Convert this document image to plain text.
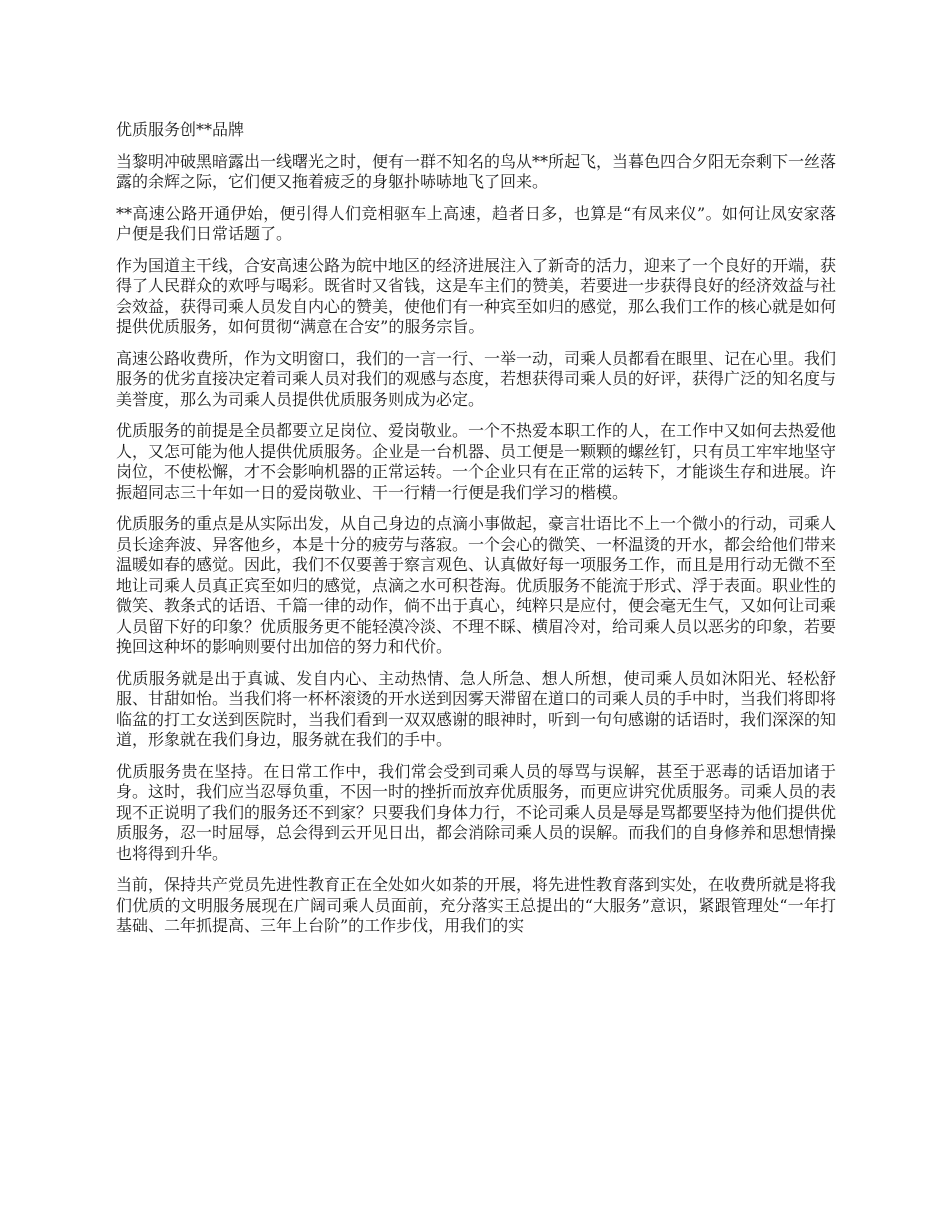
优质服务创**品牌

当黎明冲破黑暗露出一线曙光之时，便有一群不知名的鸟从**所起飞，当暮色四合夕阳无奈剩下一丝落露的余辉之际，它们便又拖着疲乏的身躯扑哧哧地飞了回来。

**高速公路开通伊始，便引得人们竞相驱车上高速，趋者日多，也算是“有凤来仪”。如何让凤安家落户便是我们日常话题了。

作为国道主干线，合安高速公路为皖中地区的经济进展注入了新奇的活力，迎来了一个良好的开端，获得了人民群众的欢呼与喝彩。既省时又省钱，这是车主们的赞美，若要进一步获得良好的经济效益与社会效益，获得司乘人员发自内心的赞美，使他们有一种宾至如归的感觉，那么我们工作的核心就是如何提供优质服务，如何贯彻“满意在合安”的服务宗旨。

高速公路收费所，作为文明窗口，我们的一言一行、一举一动，司乘人员都看在眼里、记在心里。我们服务的优劣直接决定着司乘人员对我们的观感与态度，若想获得司乘人员的好评，获得广泛的知名度与美誉度，那么为司乘人员提供优质服务则成为必定。

优质服务的前提是全员都要立足岗位、爱岗敬业。一个不热爱本职工作的人，在工作中又如何去热爱他人，又怎可能为他人提供优质服务。企业是一台机器、员工便是一颗颗的螺丝钉，只有员工牢牢地坚守岗位，不使松懈，才不会影响机器的正常运转。一个企业只有在正常的运转下，才能谈生存和进展。许振超同志三十年如一日的爱岗敬业、干一行精一行便是我们学习的楷模。

优质服务的重点是从实际出发，从自己身边的点滴小事做起，豪言壮语比不上一个微小的行动，司乘人员长途奔波、异客他乡，本是十分的疲劳与落寂。一个会心的微笑、一杯温烫的开水，都会给他们带来温暖如春的感觉。因此，我们不仅要善于察言观色、认真做好每一项服务工作，而且是用行动无微不至地让司乘人员真正宾至如归的感觉，点滴之水可积苍海。优质服务不能流于形式、浮于表面。职业性的微笑、教条式的话语、千篇一律的动作，倘不出于真心，纯粹只是应付，便会毫无生气，又如何让司乘人员留下好的印象？优质服务更不能轻漠冷淡、不理不睬、横眉冷对，给司乘人员以恶劣的印象，若要挽回这种坏的影响则要付出加倍的努力和代价。

优质服务就是出于真诚、发自内心、主动热情、急人所急、想人所想，使司乘人员如沐阳光、轻松舒服、甘甜如怡。当我们将一杯杯滚烫的开水送到因雾天滞留在道口的司乘人员的手中时，当我们将即将临盆的打工女送到医院时，当我们看到一双双感谢的眼神时，听到一句句感谢的话语时，我们深深的知道，形象就在我们身边，服务就在我们的手中。

优质服务贵在坚持。在日常工作中，我们常会受到司乘人员的辱骂与误解，甚至于恶毒的话语加诸于身。这时，我们应当忍辱负重，不因一时的挫折而放弃优质服务，而更应讲究优质服务。司乘人员的表现不正说明了我们的服务还不到家？只要我们身体力行，不论司乘人员是辱是骂都要坚持为他们提供优质服务，忍一时屈辱，总会得到云开见日出，都会消除司乘人员的误解。而我们的自身修养和思想情操也将得到升华。

当前，保持共产党员先进性教育正在全处如火如荼的开展，将先进性教育落到实处，在收费所就是将我们优质的文明服务展现在广阔司乘人员面前，充分落实王总提出的“大服务”意识，紧跟管理处“一年打基础、二年抓提高、三年上台阶”的工作步伐，用我们的实
